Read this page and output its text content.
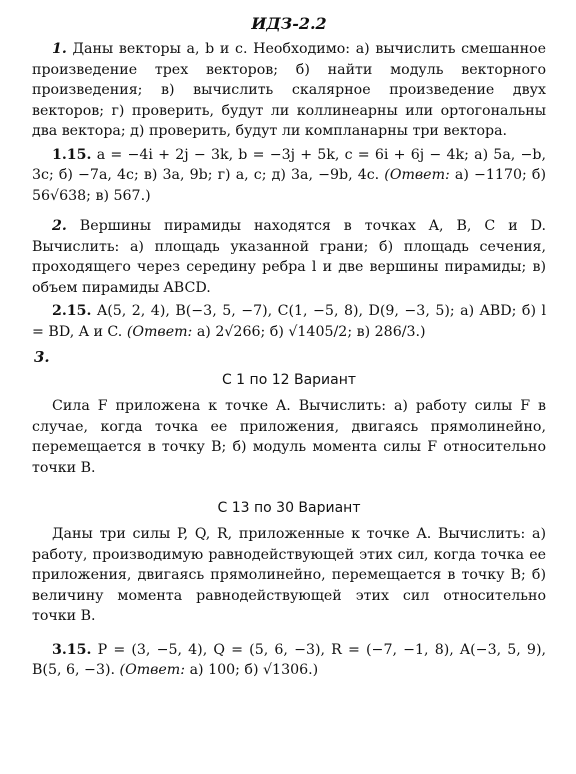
ИДЗ-2.2

1. Даны векторы a, b и c. Необходимо: а) вычислить смешанное произведение трех векторов; б) найти модуль векторного произведения; в) вычислить скалярное произведение двух векторов; г) проверить, будут ли коллинеарны или ортогональны два вектора; д) проверить, будут ли компланарны три вектора.

1.15. a = −4i + 2j − 3k, b = −3j + 5k, c = 6i + 6j − 4k; а) 5a, −b, 3c; б) −7a, 4c; в) 3a, 9b; г) a, c; д) 3a, −9b, 4c. (Ответ: а) −1170; б) 56√638; в) 567.)

2. Вершины пирамиды находятся в точках A, B, C и D. Вычислить: а) площадь указанной грани; б) площадь сечения, проходящего через середину ребра l и две вершины пирамиды; в) объем пирамиды ABCD.

2.15. A(5, 2, 4), B(−3, 5, −7), C(1, −5, 8), D(9, −3, 5); а) ABD; б) l = BD, A и C. (Ответ: а) 2√266; б) √1405/2; в) 286/3.)

3.
С 1 по 12 Вариант

Сила F приложена к точке A. Вычислить: а) работу силы F в случае, когда точка ее приложения, двигаясь прямолинейно, перемещается в точку B; б) модуль момента силы F относительно точки B.

С 13 по 30 Вариант

Даны три силы P, Q, R, приложенные к точке A. Вычислить: а) работу, производимую равнодействующей этих сил, когда точка ее приложения, двигаясь прямолинейно, перемещается в точку B; б) величину момента равнодействующей этих сил относительно точки B.

3.15. P = (3, −5, 4), Q = (5, 6, −3), R = (−7, −1, 8), A(−3, 5, 9), B(5, 6, −3). (Ответ: а) 100; б) √1306.)
